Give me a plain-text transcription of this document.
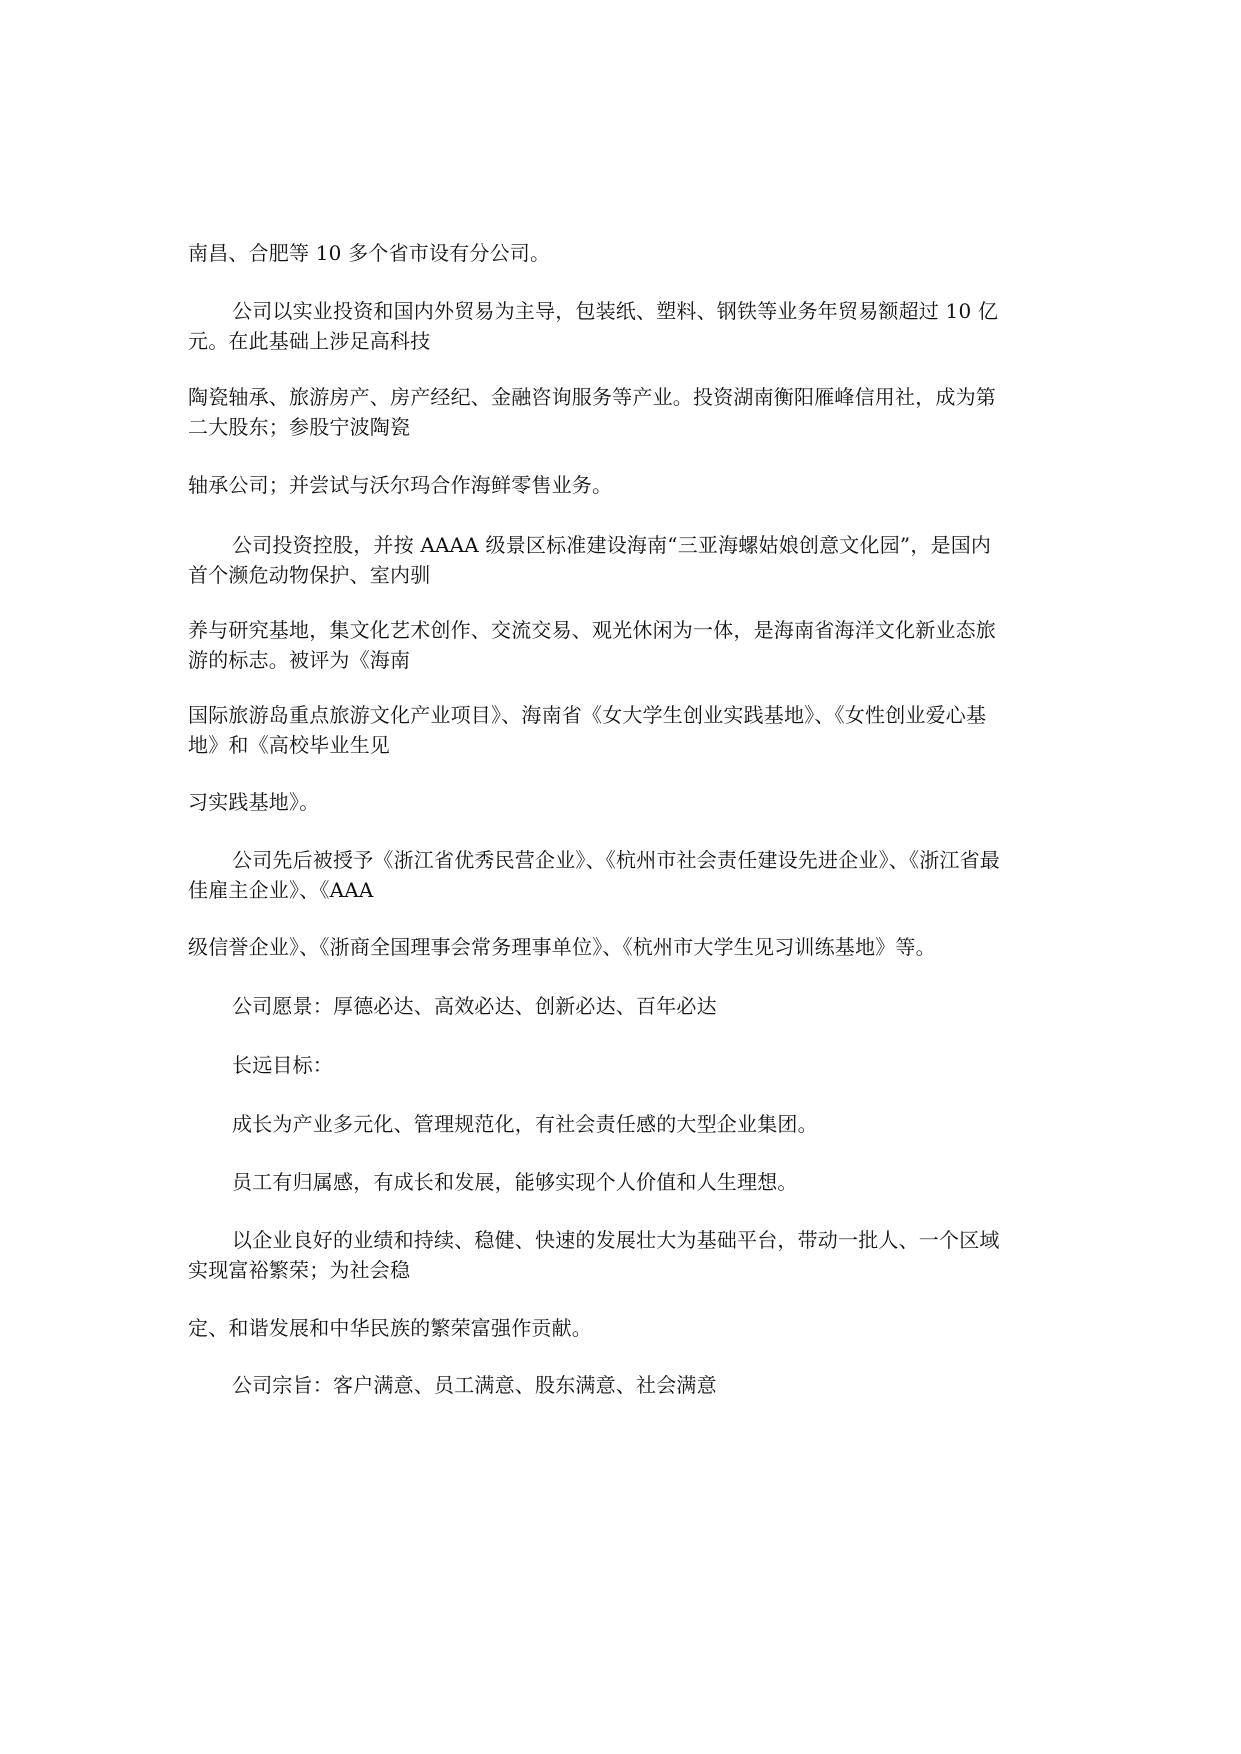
南昌、合肥等 10 多个省市设有分公司。
公司以实业投资和国内外贸易为主导，包装纸、塑料、钢铁等业务年贸易额超过 10 亿
元。在此基础上涉足高科技
陶瓷轴承、旅游房产、房产经纪、金融咨询服务等产业。投资湖南衡阳雁峰信用社，成为第
二大股东；参股宁波陶瓷
轴承公司；并尝试与沃尔玛合作海鲜零售业务。
公司投资控股，并按 AAAA 级景区标准建设海南“三亚海螺姑娘创意文化园”，是国内
首个濒危动物保护、室内驯
养与研究基地，集文化艺术创作、交流交易、观光休闲为一体，是海南省海洋文化新业态旅
游的标志。被评为《海南
国际旅游岛重点旅游文化产业项目》、海南省《女大学生创业实践基地》、《女性创业爱心基
地》和《高校毕业生见
习实践基地》。
公司先后被授予《浙江省优秀民营企业》、《杭州市社会责任建设先进企业》、《浙江省最
佳雇主企业》、《AAA
级信誉企业》、《浙商全国理事会常务理事单位》、《杭州市大学生见习训练基地》等。
公司愿景：厚德必达、高效必达、创新必达、百年必达
长远目标：
成长为产业多元化、管理规范化，有社会责任感的大型企业集团。
员工有归属感，有成长和发展，能够实现个人价值和人生理想。
以企业良好的业绩和持续、稳健、快速的发展壮大为基础平台，带动一批人、一个区域
实现富裕繁荣；为社会稳
定、和谐发展和中华民族的繁荣富强作贡献。
公司宗旨：客户满意、员工满意、股东满意、社会满意
